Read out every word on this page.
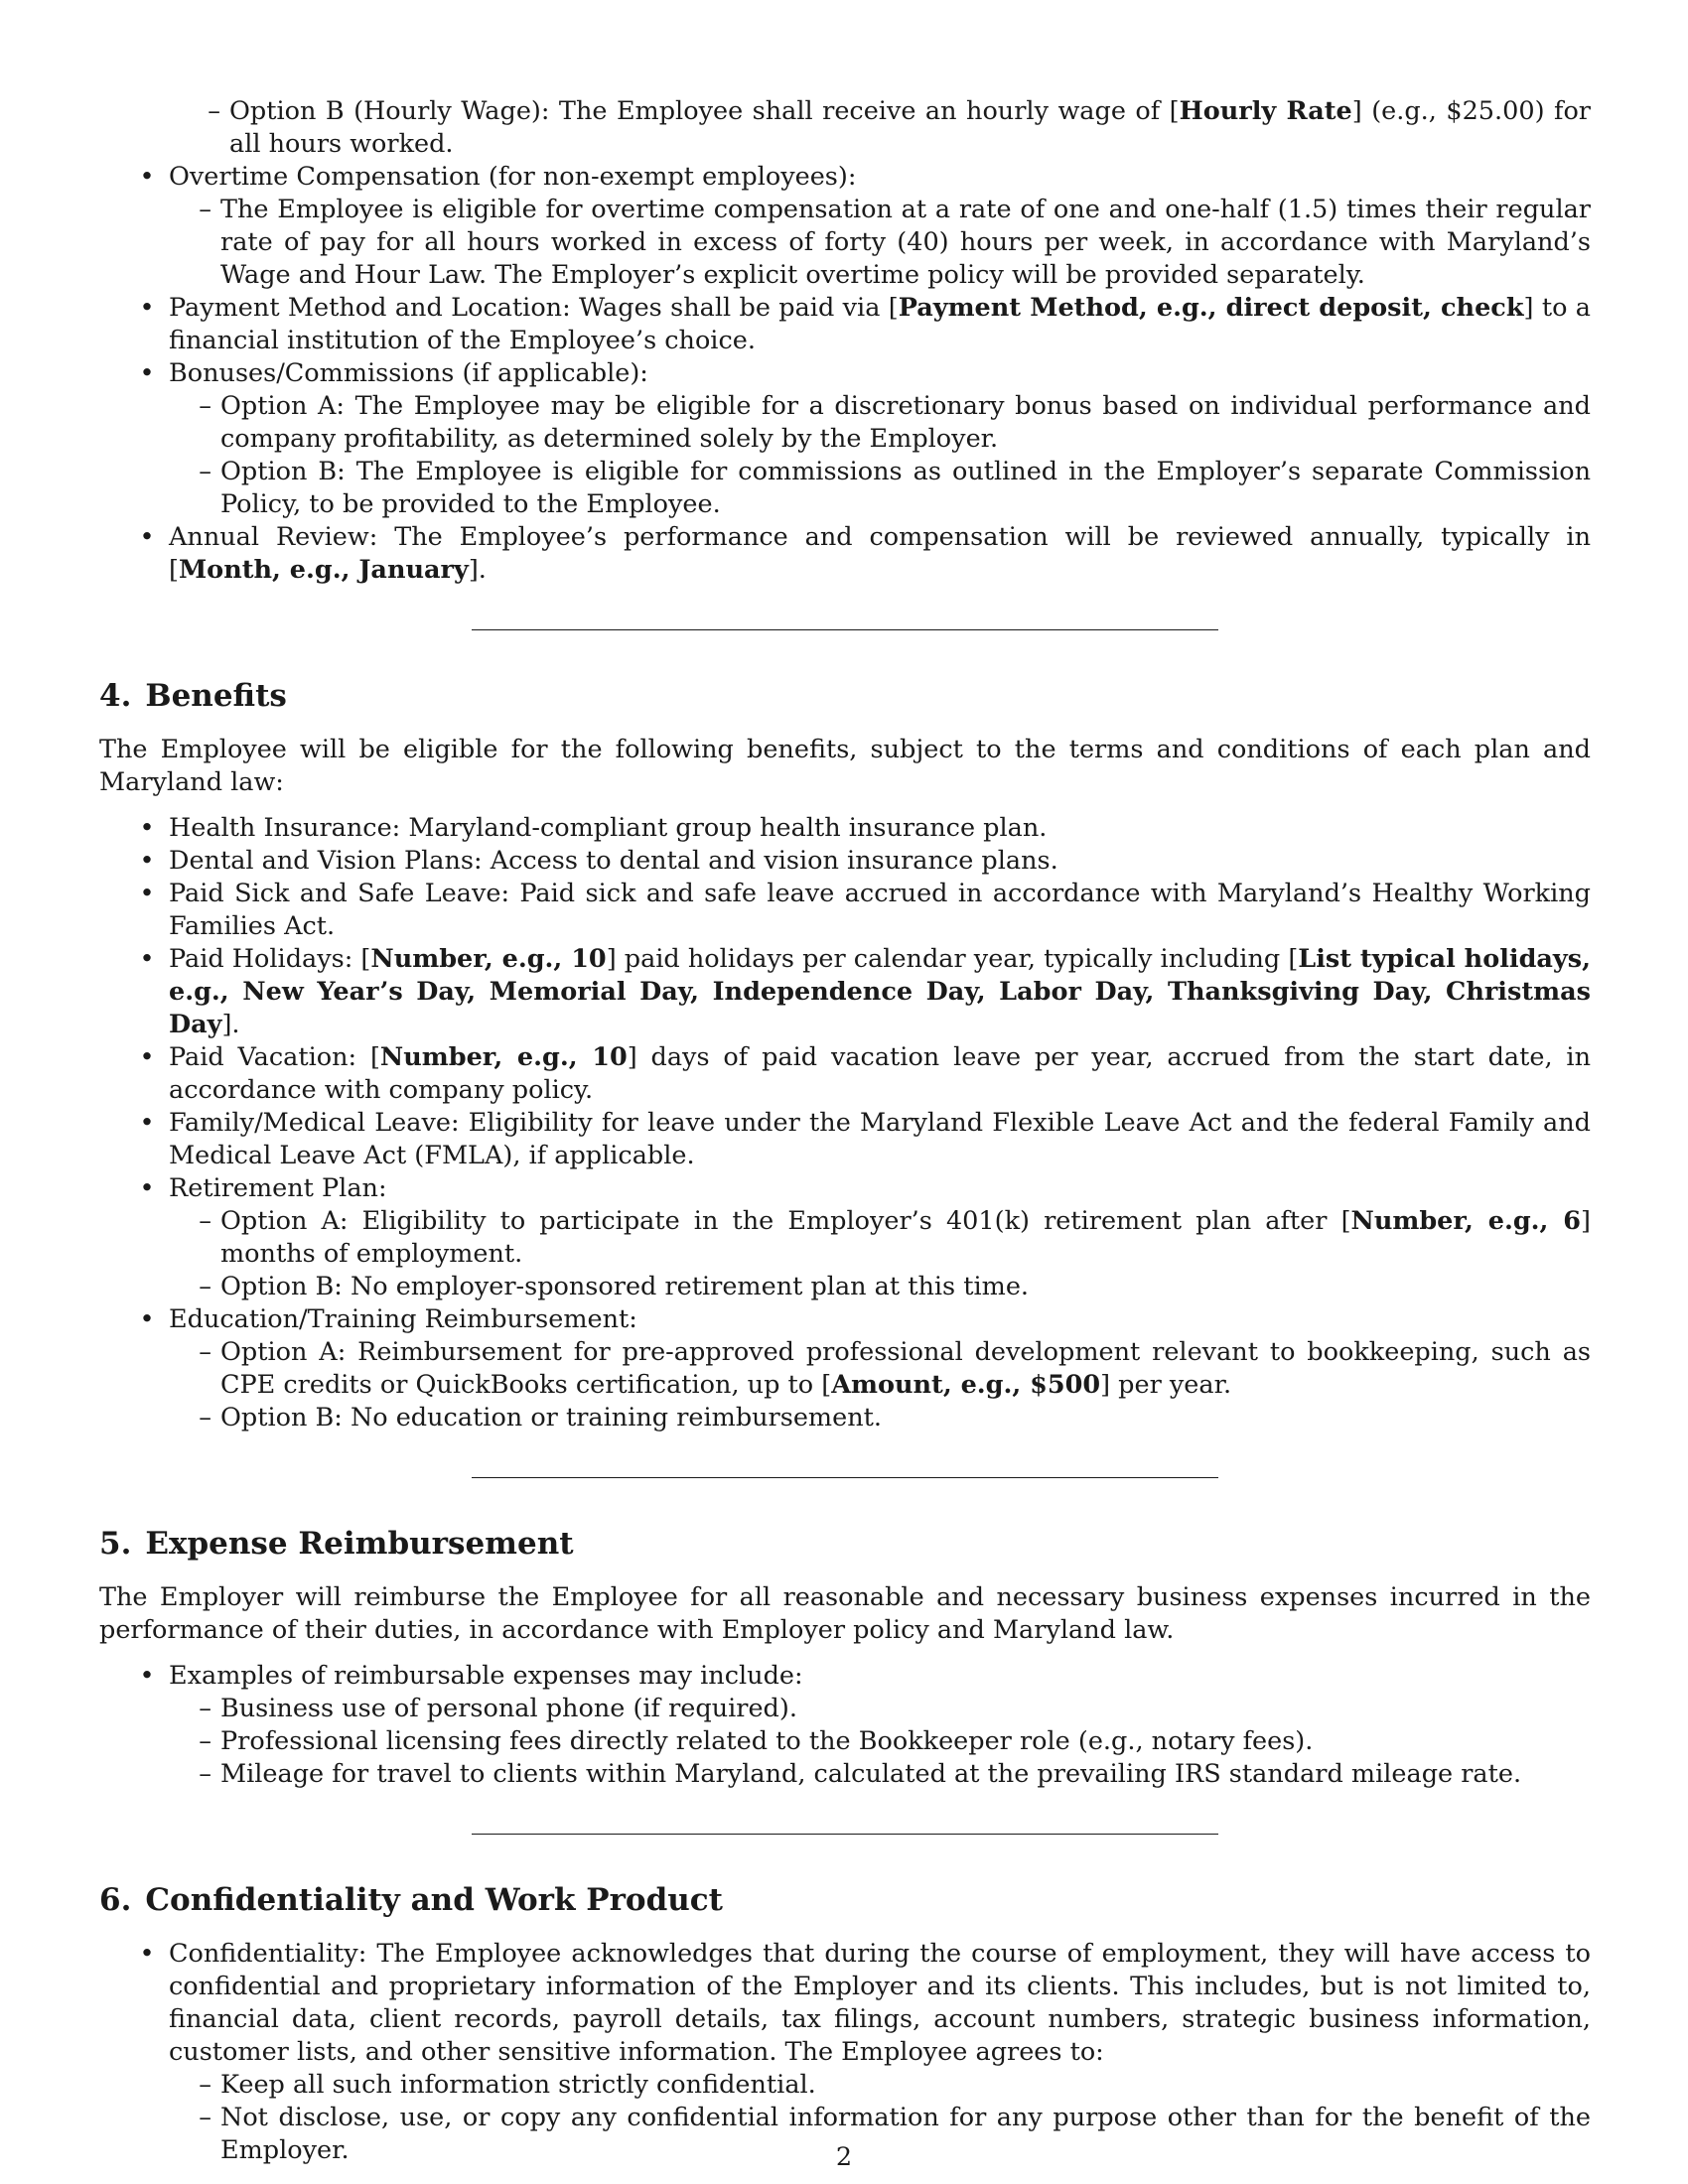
– Option B (Hourly Wage): The Employee shall receive an hourly wage of [Hourly Rate] (e.g., $25.00) for all hours worked.
• Overtime Compensation (for non-exempt employees):
– The Employee is eligible for overtime compensation at a rate of one and one-half (1.5) times their regular rate of pay for all hours worked in excess of forty (40) hours per week, in accordance with Maryland’s Wage and Hour Law. The Employer’s explicit overtime policy will be provided separately.
• Payment Method and Location: Wages shall be paid via [Payment Method, e.g., direct deposit, check] to a financial institution of the Employee’s choice.
• Bonuses/Commissions (if applicable):
– Option A: The Employee may be eligible for a discretionary bonus based on individual performance and company profitability, as determined solely by the Employer.
– Option B: The Employee is eligible for commissions as outlined in the Employer’s separate Commission Policy, to be provided to the Employee.
• Annual Review: The Employee’s performance and compensation will be reviewed annually, typically in [Month, e.g., January].
4. Benefits

The Employee will be eligible for the following benefits, subject to the terms and conditions of each plan and Maryland law:

• Health Insurance: Maryland-compliant group health insurance plan.
• Dental and Vision Plans: Access to dental and vision insurance plans.
• Paid Sick and Safe Leave: Paid sick and safe leave accrued in accordance with Maryland’s Healthy Working Families Act.
• Paid Holidays: [Number, e.g., 10] paid holidays per calendar year, typically including [List typical holidays, e.g., New Year’s Day, Memorial Day, Independence Day, Labor Day, Thanksgiving Day, Christmas Day].
• Paid Vacation: [Number, e.g., 10] days of paid vacation leave per year, accrued from the start date, in accordance with company policy.
• Family/Medical Leave: Eligibility for leave under the Maryland Flexible Leave Act and the federal Family and Medical Leave Act (FMLA), if applicable.
• Retirement Plan:
– Option A: Eligibility to participate in the Employer’s 401(k) retirement plan after [Number, e.g., 6] months of employment.
– Option B: No employer-sponsored retirement plan at this time.
• Education/Training Reimbursement:
– Option A: Reimbursement for pre-approved professional development relevant to bookkeeping, such as CPE credits or QuickBooks certification, up to [Amount, e.g., $500] per year.
– Option B: No education or training reimbursement.
5. Expense Reimbursement

The Employer will reimburse the Employee for all reasonable and necessary business expenses incurred in the performance of their duties, in accordance with Employer policy and Maryland law.

• Examples of reimbursable expenses may include:
– Business use of personal phone (if required).
– Professional licensing fees directly related to the Bookkeeper role (e.g., notary fees).
– Mileage for travel to clients within Maryland, calculated at the prevailing IRS standard mileage rate.
6. Confidentiality and Work Product
• Confidentiality: The Employee acknowledges that during the course of employment, they will have access to confidential and proprietary information of the Employer and its clients. This includes, but is not limited to, financial data, client records, payroll details, tax filings, account numbers, strategic business information, customer lists, and other sensitive information. The Employee agrees to:
– Keep all such information strictly confidential.
– Not disclose, use, or copy any confidential information for any purpose other than for the benefit of the Employer.	2
